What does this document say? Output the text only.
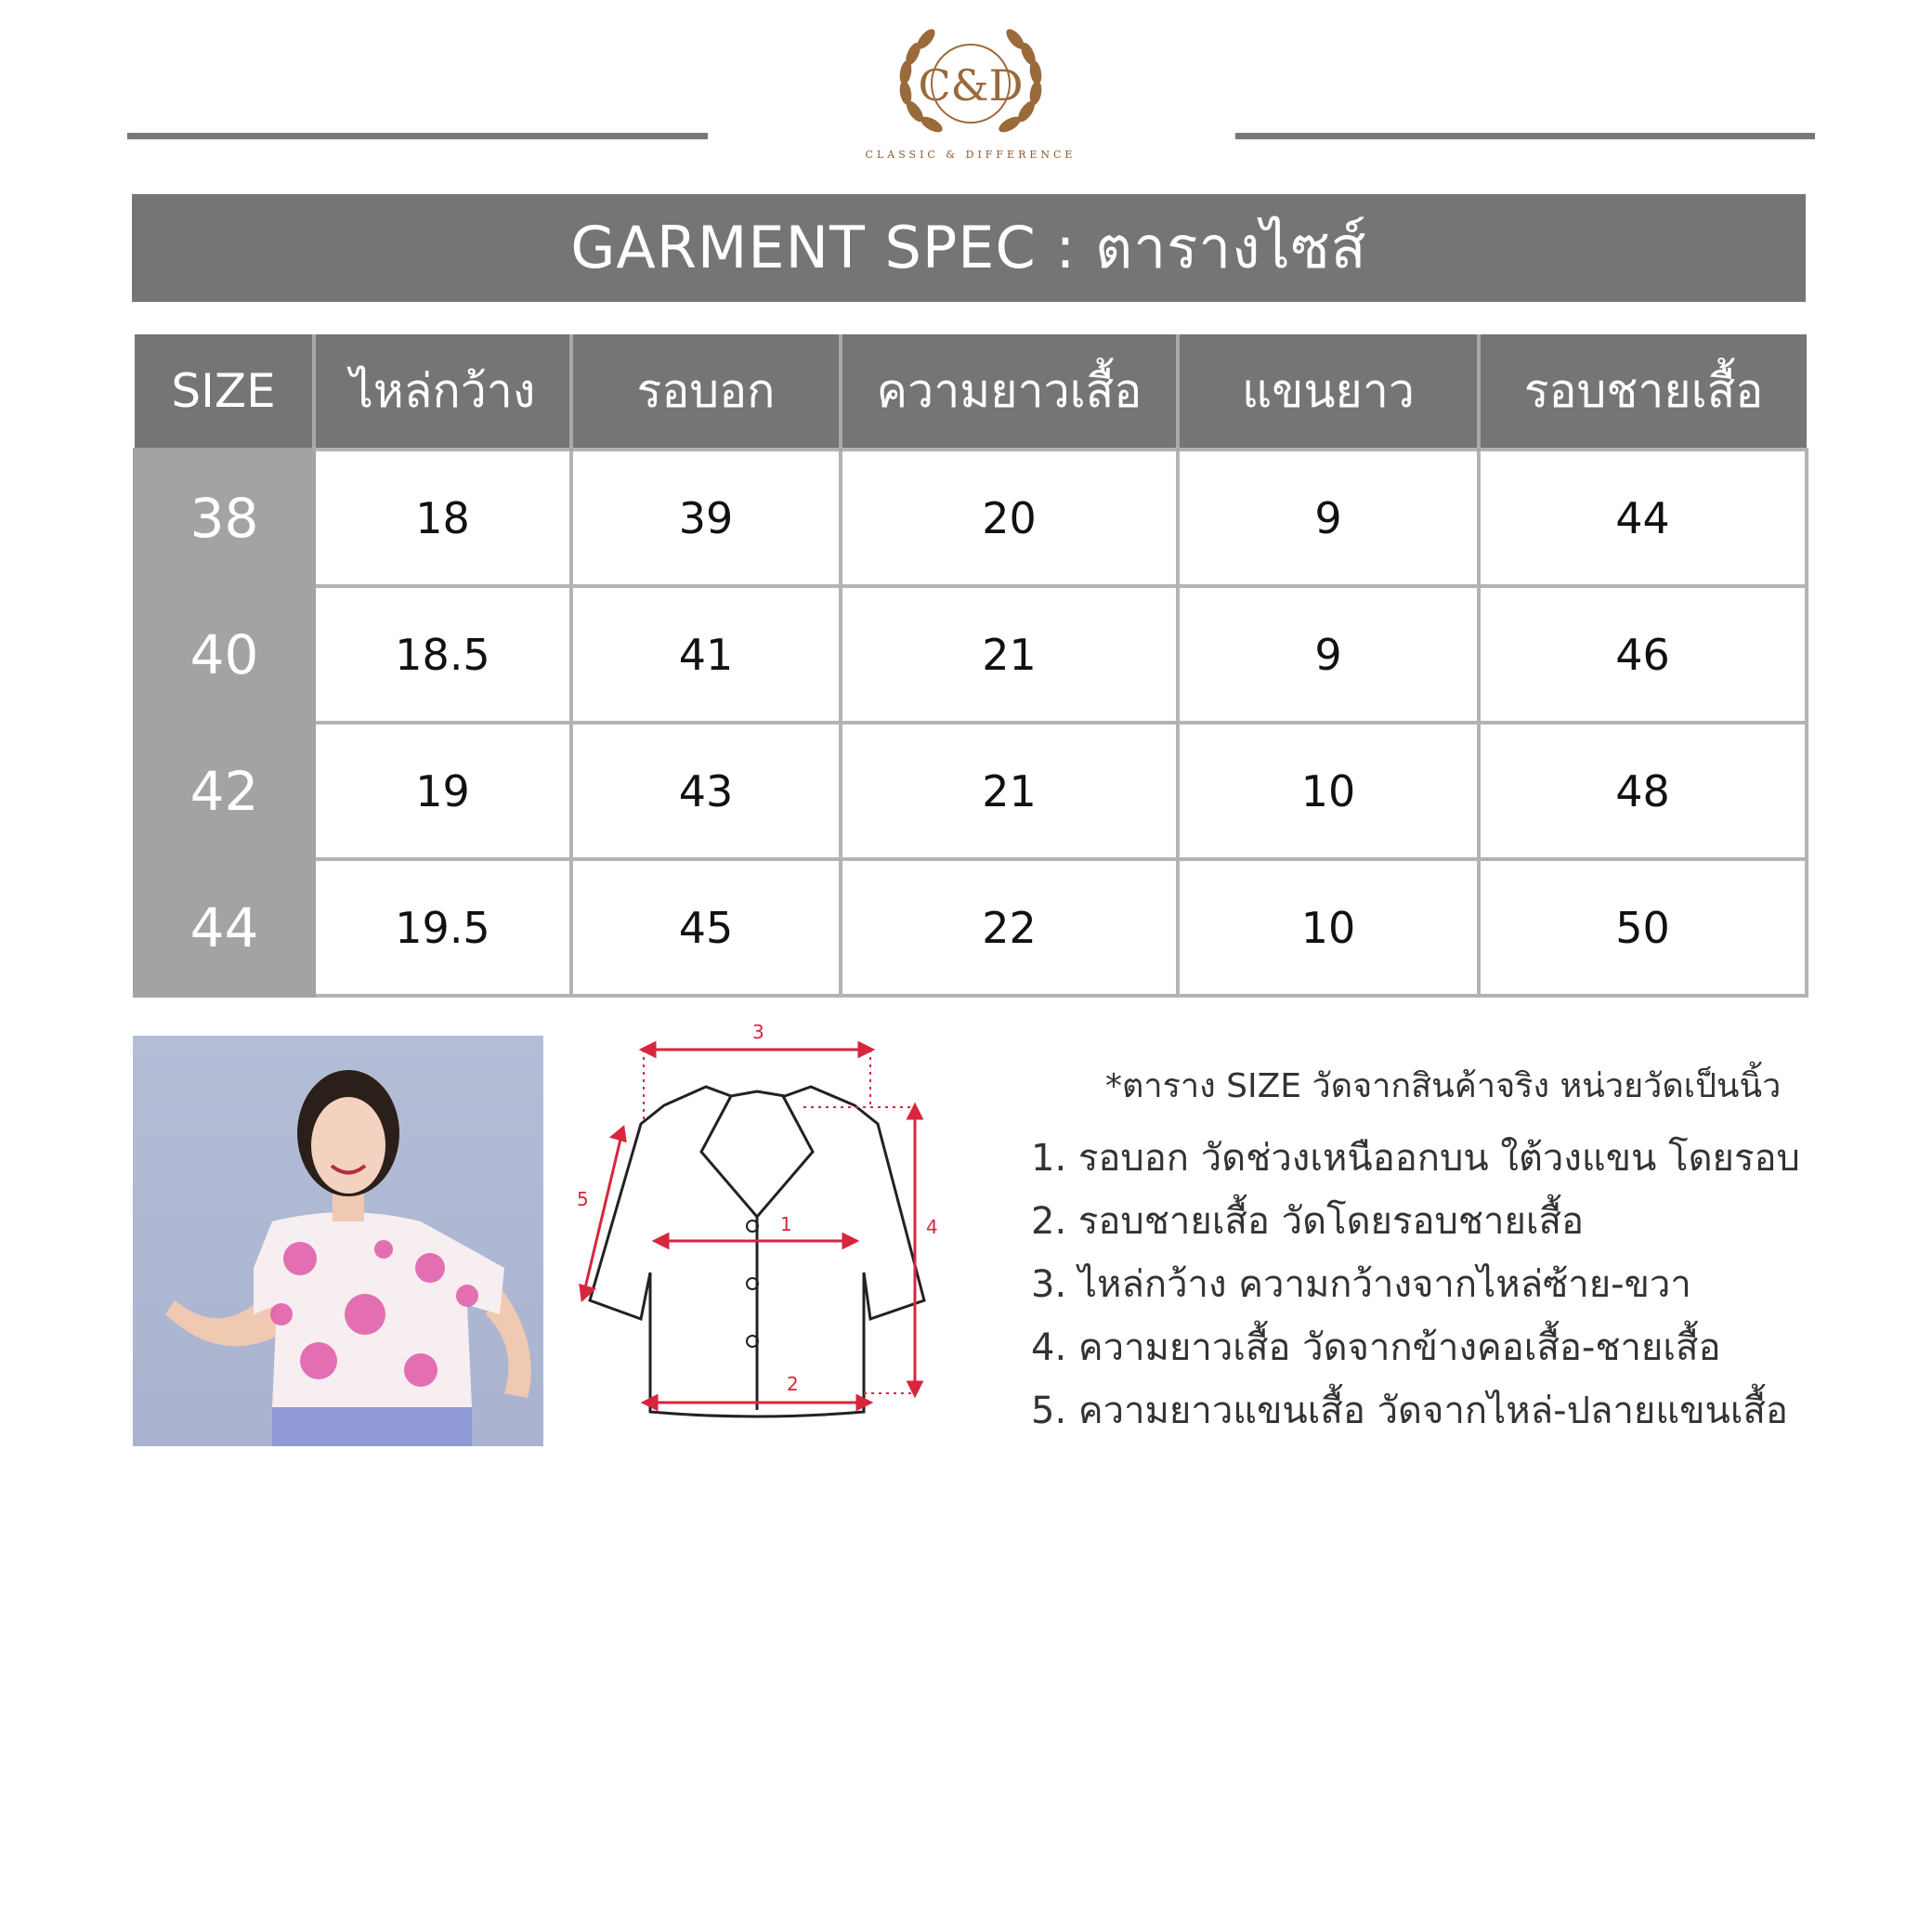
C&D
CLASSIC & DIFFERENCE
GARMENT SPEC : ตารางไซส์
SIZE	ไหล่กว้าง	รอบอก	ความยาวเสื้อ	แขนยาว	รอบชายเสื้อ
38	18	39	20	9	44
40	18.5	41	21	9	46
42	19	43	21	10	48
44	19.5	45	22	10	50
1
2
3
4
5
*ตาราง SIZE วัดจากสินค้าจริง หน่วยวัดเป็นนิ้ว
1. รอบอก วัดช่วงเหนืออกบน ใต้วงแขน โดยรอบ
2. รอบชายเสื้อ วัดโดยรอบชายเสื้อ
3. ไหล่กว้าง ความกว้างจากไหล่ซ้าย-ขวา
4. ความยาวเสื้อ วัดจากข้างคอเสื้อ-ชายเสื้อ
5. ความยาวแขนเสื้อ วัดจากไหล่-ปลายแขนเสื้อ
